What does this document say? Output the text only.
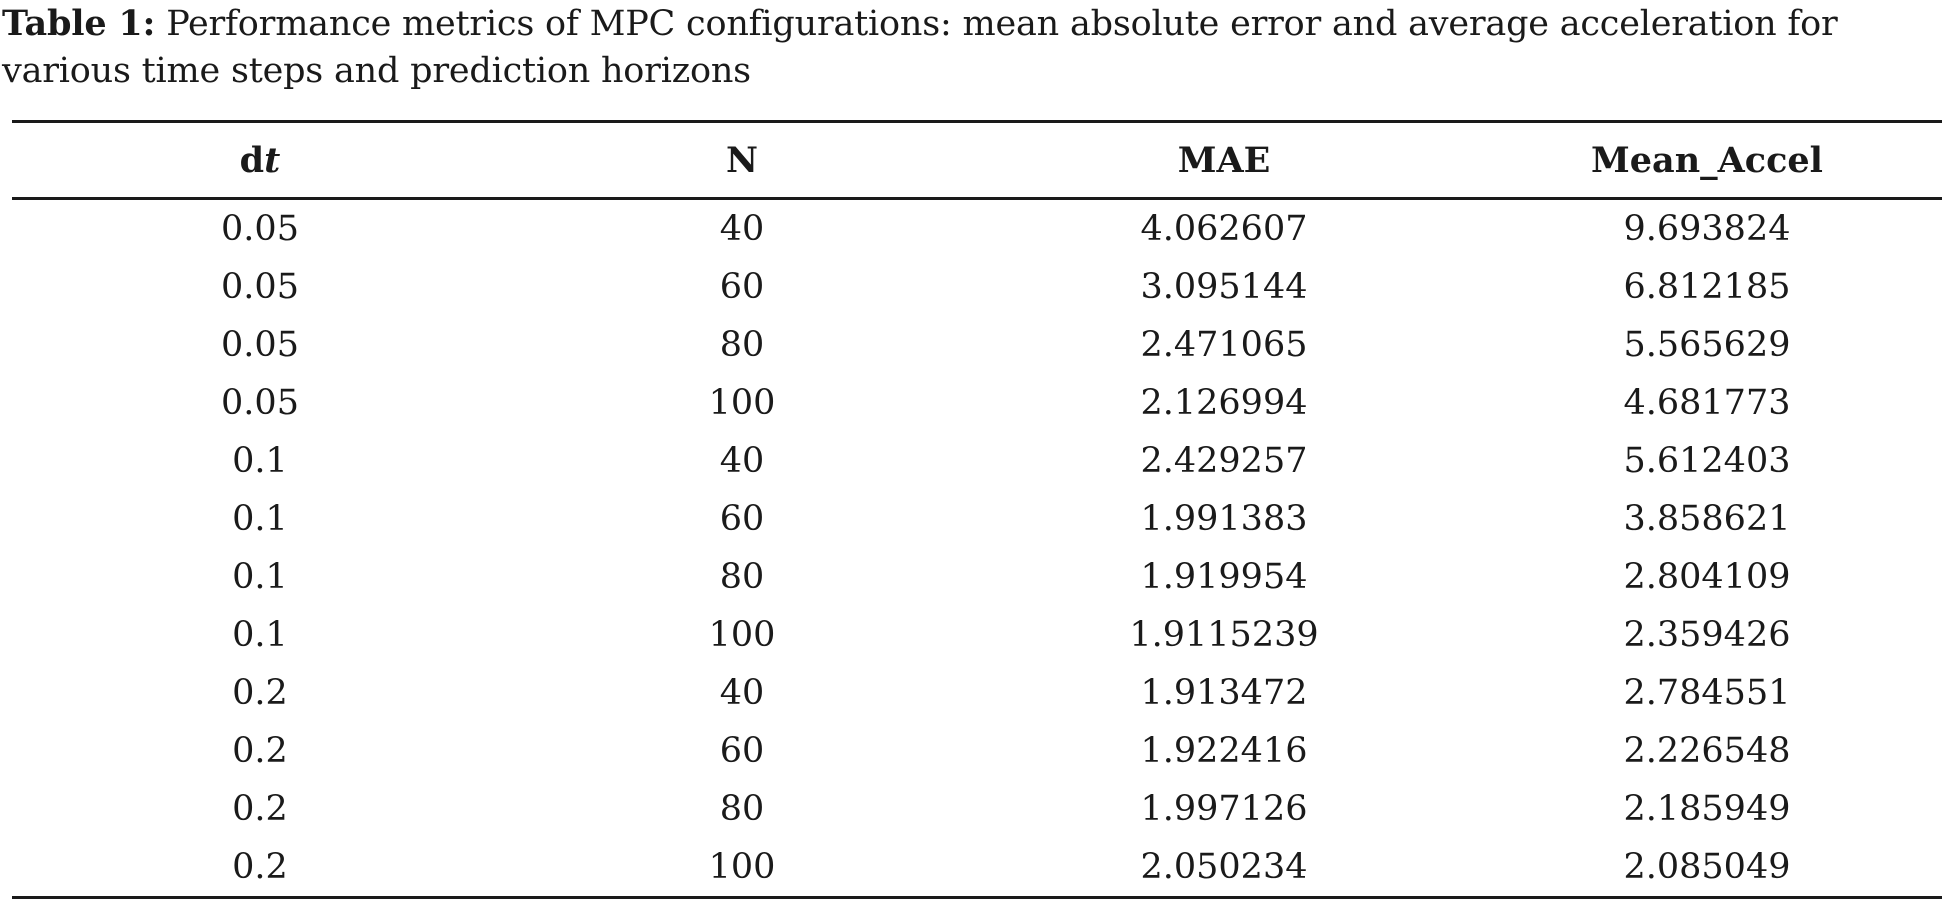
Table 1: Performance metrics of MPC configurations: mean absolute error and average acceleration for various time steps and prediction horizons

dt	N	MAE	Mean_Accel
0.05	40	4.062607	9.693824
0.05	60	3.095144	6.812185
0.05	80	2.471065	5.565629
0.05	100	2.126994	4.681773
0.1	40	2.429257	5.612403
0.1	60	1.991383	3.858621
0.1	80	1.919954	2.804109
0.1	100	1.9115239	2.359426
0.2	40	1.913472	2.784551
0.2	60	1.922416	2.226548
0.2	80	1.997126	2.185949
0.2	100	2.050234	2.085049
